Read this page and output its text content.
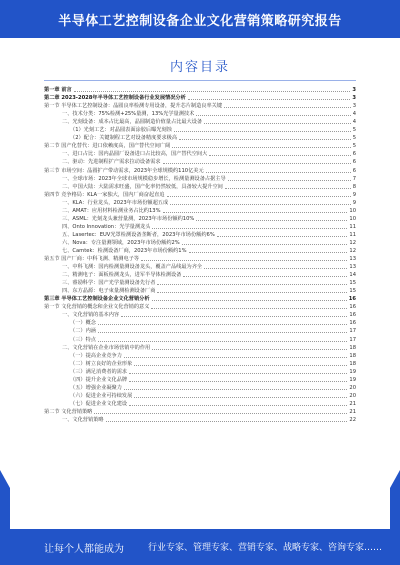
半导体工艺控制设备企业文化营销策略研究报告
内容目录
第一章 前言	3
第二章 2023-2028年半导体工艺控制设备行业发展情况分析	3
第一节 半导体工艺控制设备：晶圆良率检测专用设备，提升芯片制造良率关键	3
一、技术分类：75%检测+25%量测，13%光学量测技术	4
二、光刻设备：成本占比最高，晶圆制造价值量占比最大设备	4
（1）光刻工艺：对晶圆表面涂胶后曝光刻蚀	5
（2）配合：关键制程工艺对设备精度要求极高	5
第二节 国产化替代：进口依赖度高，国产替代空间广阔	5
一、进口占比：国内晶圆厂设备进口占比较高，国产替代空间大	6
二、驱动：先进制程扩产需求拉动设备需求	6
第三节 市场空间：晶圆扩产带动需求，2023年全球规模约110亿美元	6
一、全球市场：2023年全球市场规模稳步增长，检测量测设备占据主导	7
二、中国大陆：大陆需求旺盛，国产化率仍然较低，具备较大提升空间	8
第四节 竞争格局：KLA一家独大，国内厂商奋起直追	9
一、KLA：行业龙头，2023年市场份额超五成	9
二、AMAT：应用材料检测业务占比约13%	10
三、ASML：光刻龙头兼营量测，2023年市场份额约10%	10
四、Onto Innovation：光学量测龙头	11
五、Lasertec：EUV光罩检测设备垄断者，2023年市场份额约6%	11
六、Nova：专注量测领域，2023年市场份额约2%	12
七、Camtek：检测设备厂商，2023年市场份额约1%	12
第五节 国产厂商：中科飞测、精测电子等	13
一、中科飞测：国内检测量测设备龙头，覆盖产品线最为齐全	13
二、精测电子：面板检测龙头，进军半导体检测设备	14
三、睿励科学：国产光学量测设备先行者	15
四、东方晶源：电子束量测检测设备厂商	15
第三章 半导体工艺控制设备企业文化营销分析	16
第一节 文化营销的概念和企业文化营销的意义	16
一、文化营销的基本内容	16
（一）概念	16
（二）内涵	17
（三）特点	17
二、文化营销在企业市场营销中的作用	18
（一）提高企业竞争力	18
（二）树立良好的企业形象	18
（三）满足消费者的需求	19
（四）提升企业文化品牌	19
（五）增强企业凝聚力	20
（六）促进企业可持续发展	20
（七）促进企业文化建设	21
第二节 文化营销策略	21
一、文化营销策略	22
让每个人都能成为	行业专家、管理专家、营销专家、战略专家、咨询专家……
